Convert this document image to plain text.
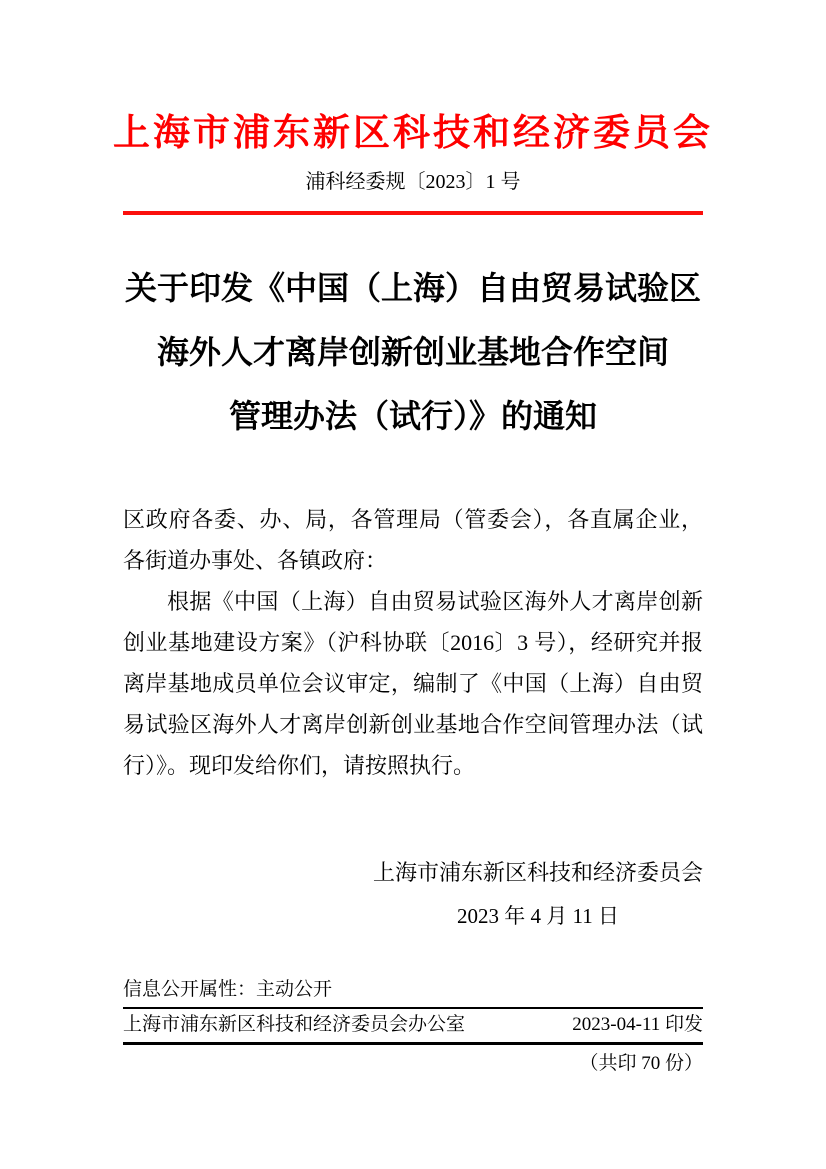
上海市浦东新区科技和经济委员会
浦科经委规〔2023〕1 号
关于印发《中国（上海）自由贸易试验区
海外人才离岸创新创业基地合作空间
管理办法（试行）》的通知

区政府各委、办、局，各管理局（管委会），各直属企业，各街道办事处、各镇政府：

根据《中国（上海）自由贸易试验区海外人才离岸创新创业基地建设方案》（沪科协联〔2016〕3 号），经研究并报离岸基地成员单位会议审定，编制了《中国（上海）自由贸易试验区海外人才离岸创新创业基地合作空间管理办法（试行）》。现印发给你们，请按照执行。

上海市浦东新区科技和经济委员会
2023 年 4 月 11 日
信息公开属性：主动公开
上海市浦东新区科技和经济委员会办公室	2023-04-11 印发
（共印 70 份）
